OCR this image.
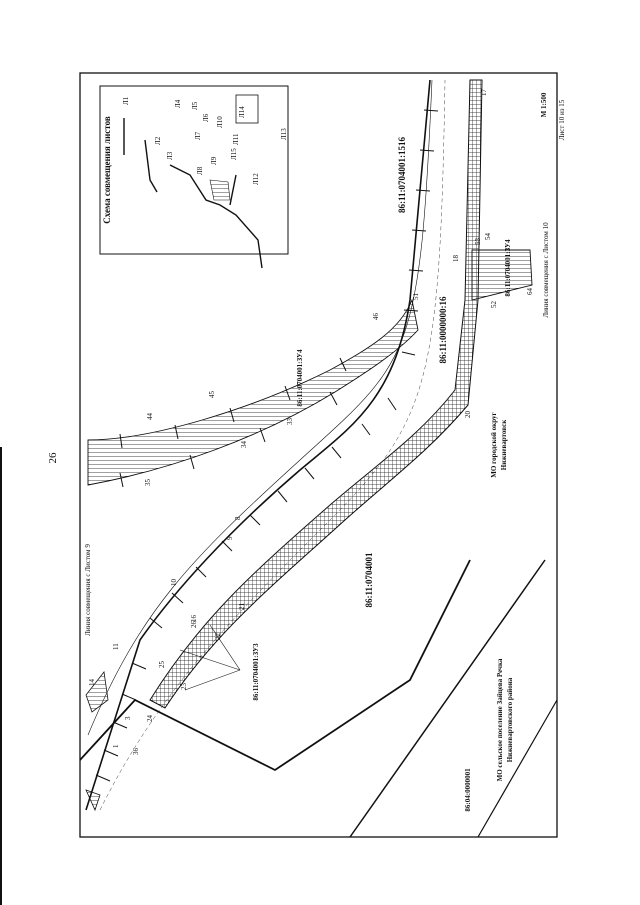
26
Схема совмещения листов
Л1
Л2
Л3
Л4 Л5
Л6
Л7
Л8
Л9
Л10
Л11
Л12
Л13
Л14
Л15
Лист 10 из 15
М 1:500
Линия совмещения с Листом 9
Линия совмещения с Листом 10
86:11:0704001:1516
86:11:0000000:16
86:11:0704001:ЗУ4
86:11:0704001:ЗУ4
86:11:0704001:ЗУ3
86:11:0704001
86:04:0000001
МО городской округ Нижневартовск
МО сельское поселение Зайцева Речка Нижневартовского района
1
3
8
9
10
11
14
16
17
18
20
21
22
23
24
25
26
33
34
35
36
44
45
46
51
52
53
54
64
